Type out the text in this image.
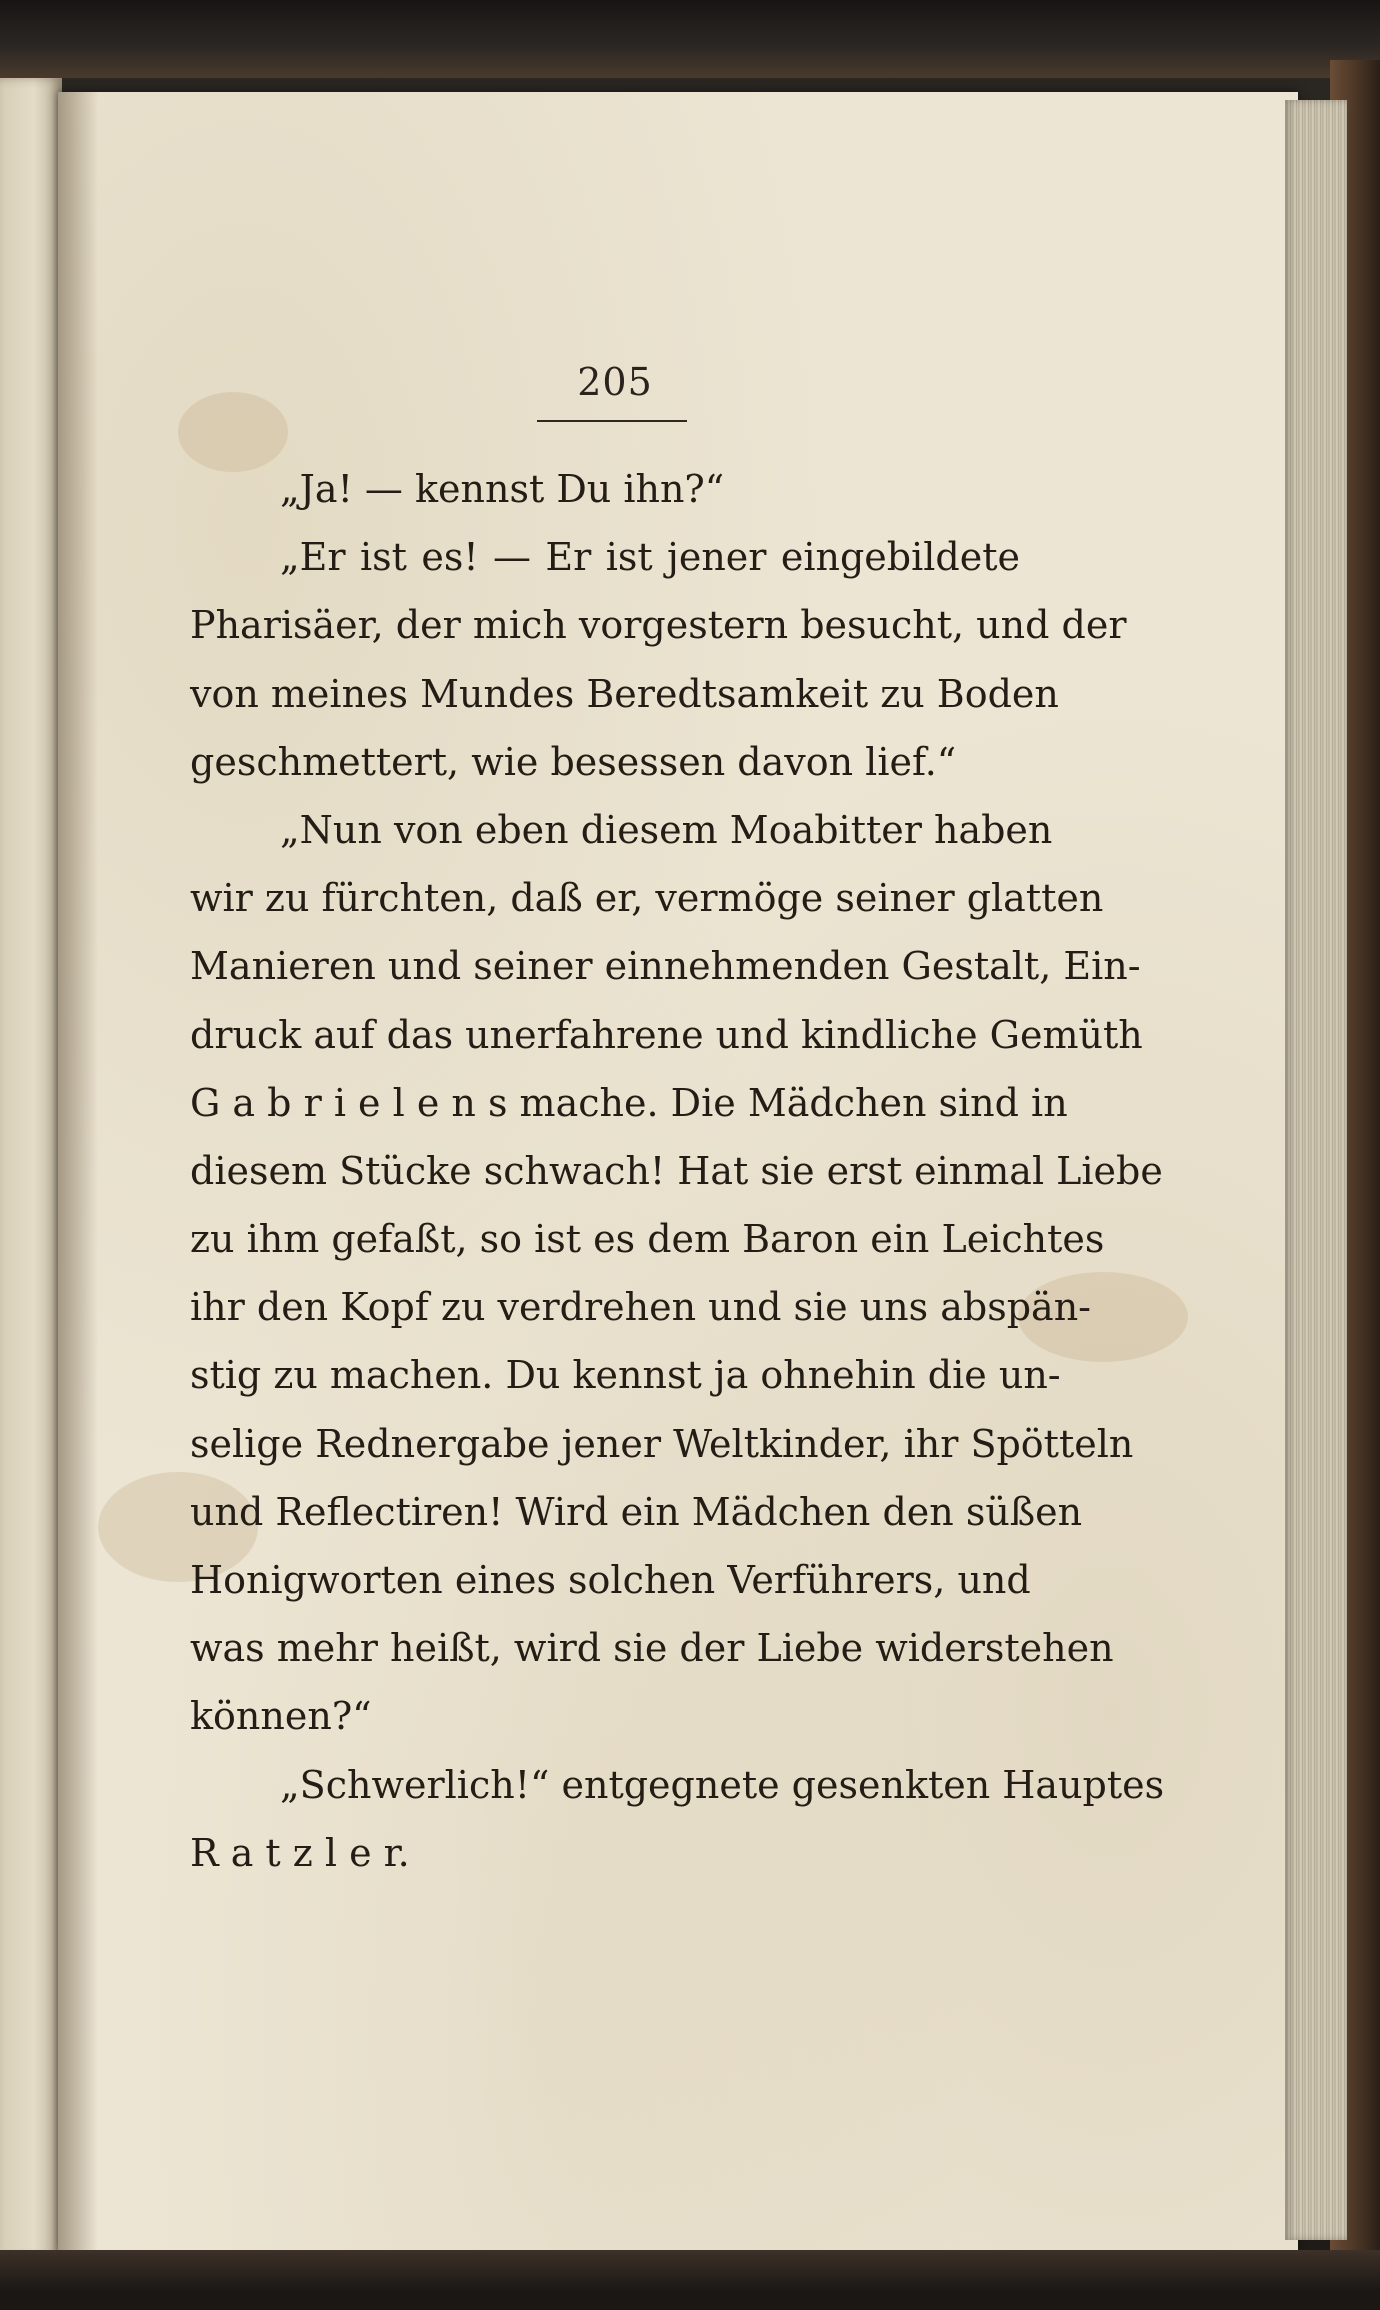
205
„Ja! — kennst Du ihn?“
„Er ist es! — Er ist jener eingebildete
Pharisäer, der mich vorgestern besucht, und der
von meines Mundes Beredtsamkeit zu Boden
geschmettert, wie besessen davon lief.“
„Nun von eben diesem Moabitter haben
wir zu fürchten, daß er, vermöge seiner glatten
Manieren und seiner einnehmenden Gestalt, Ein-
druck auf das unerfahrene und kindliche Gemüth
G a b r i e l e n s mache. Die Mädchen sind in
diesem Stücke schwach! Hat sie erst einmal Liebe
zu ihm gefaßt, so ist es dem Baron ein Leichtes
ihr den Kopf zu verdrehen und sie uns abspän-
stig zu machen. Du kennst ja ohnehin die un-
selige Rednergabe jener Weltkinder, ihr Spötteln
und Reflectiren! Wird ein Mädchen den süßen
Honigworten eines solchen Verführers, und
was mehr heißt, wird sie der Liebe widerstehen
können?“
„Schwerlich!“ entgegnete gesenkten Hauptes
R a t z l e r.
